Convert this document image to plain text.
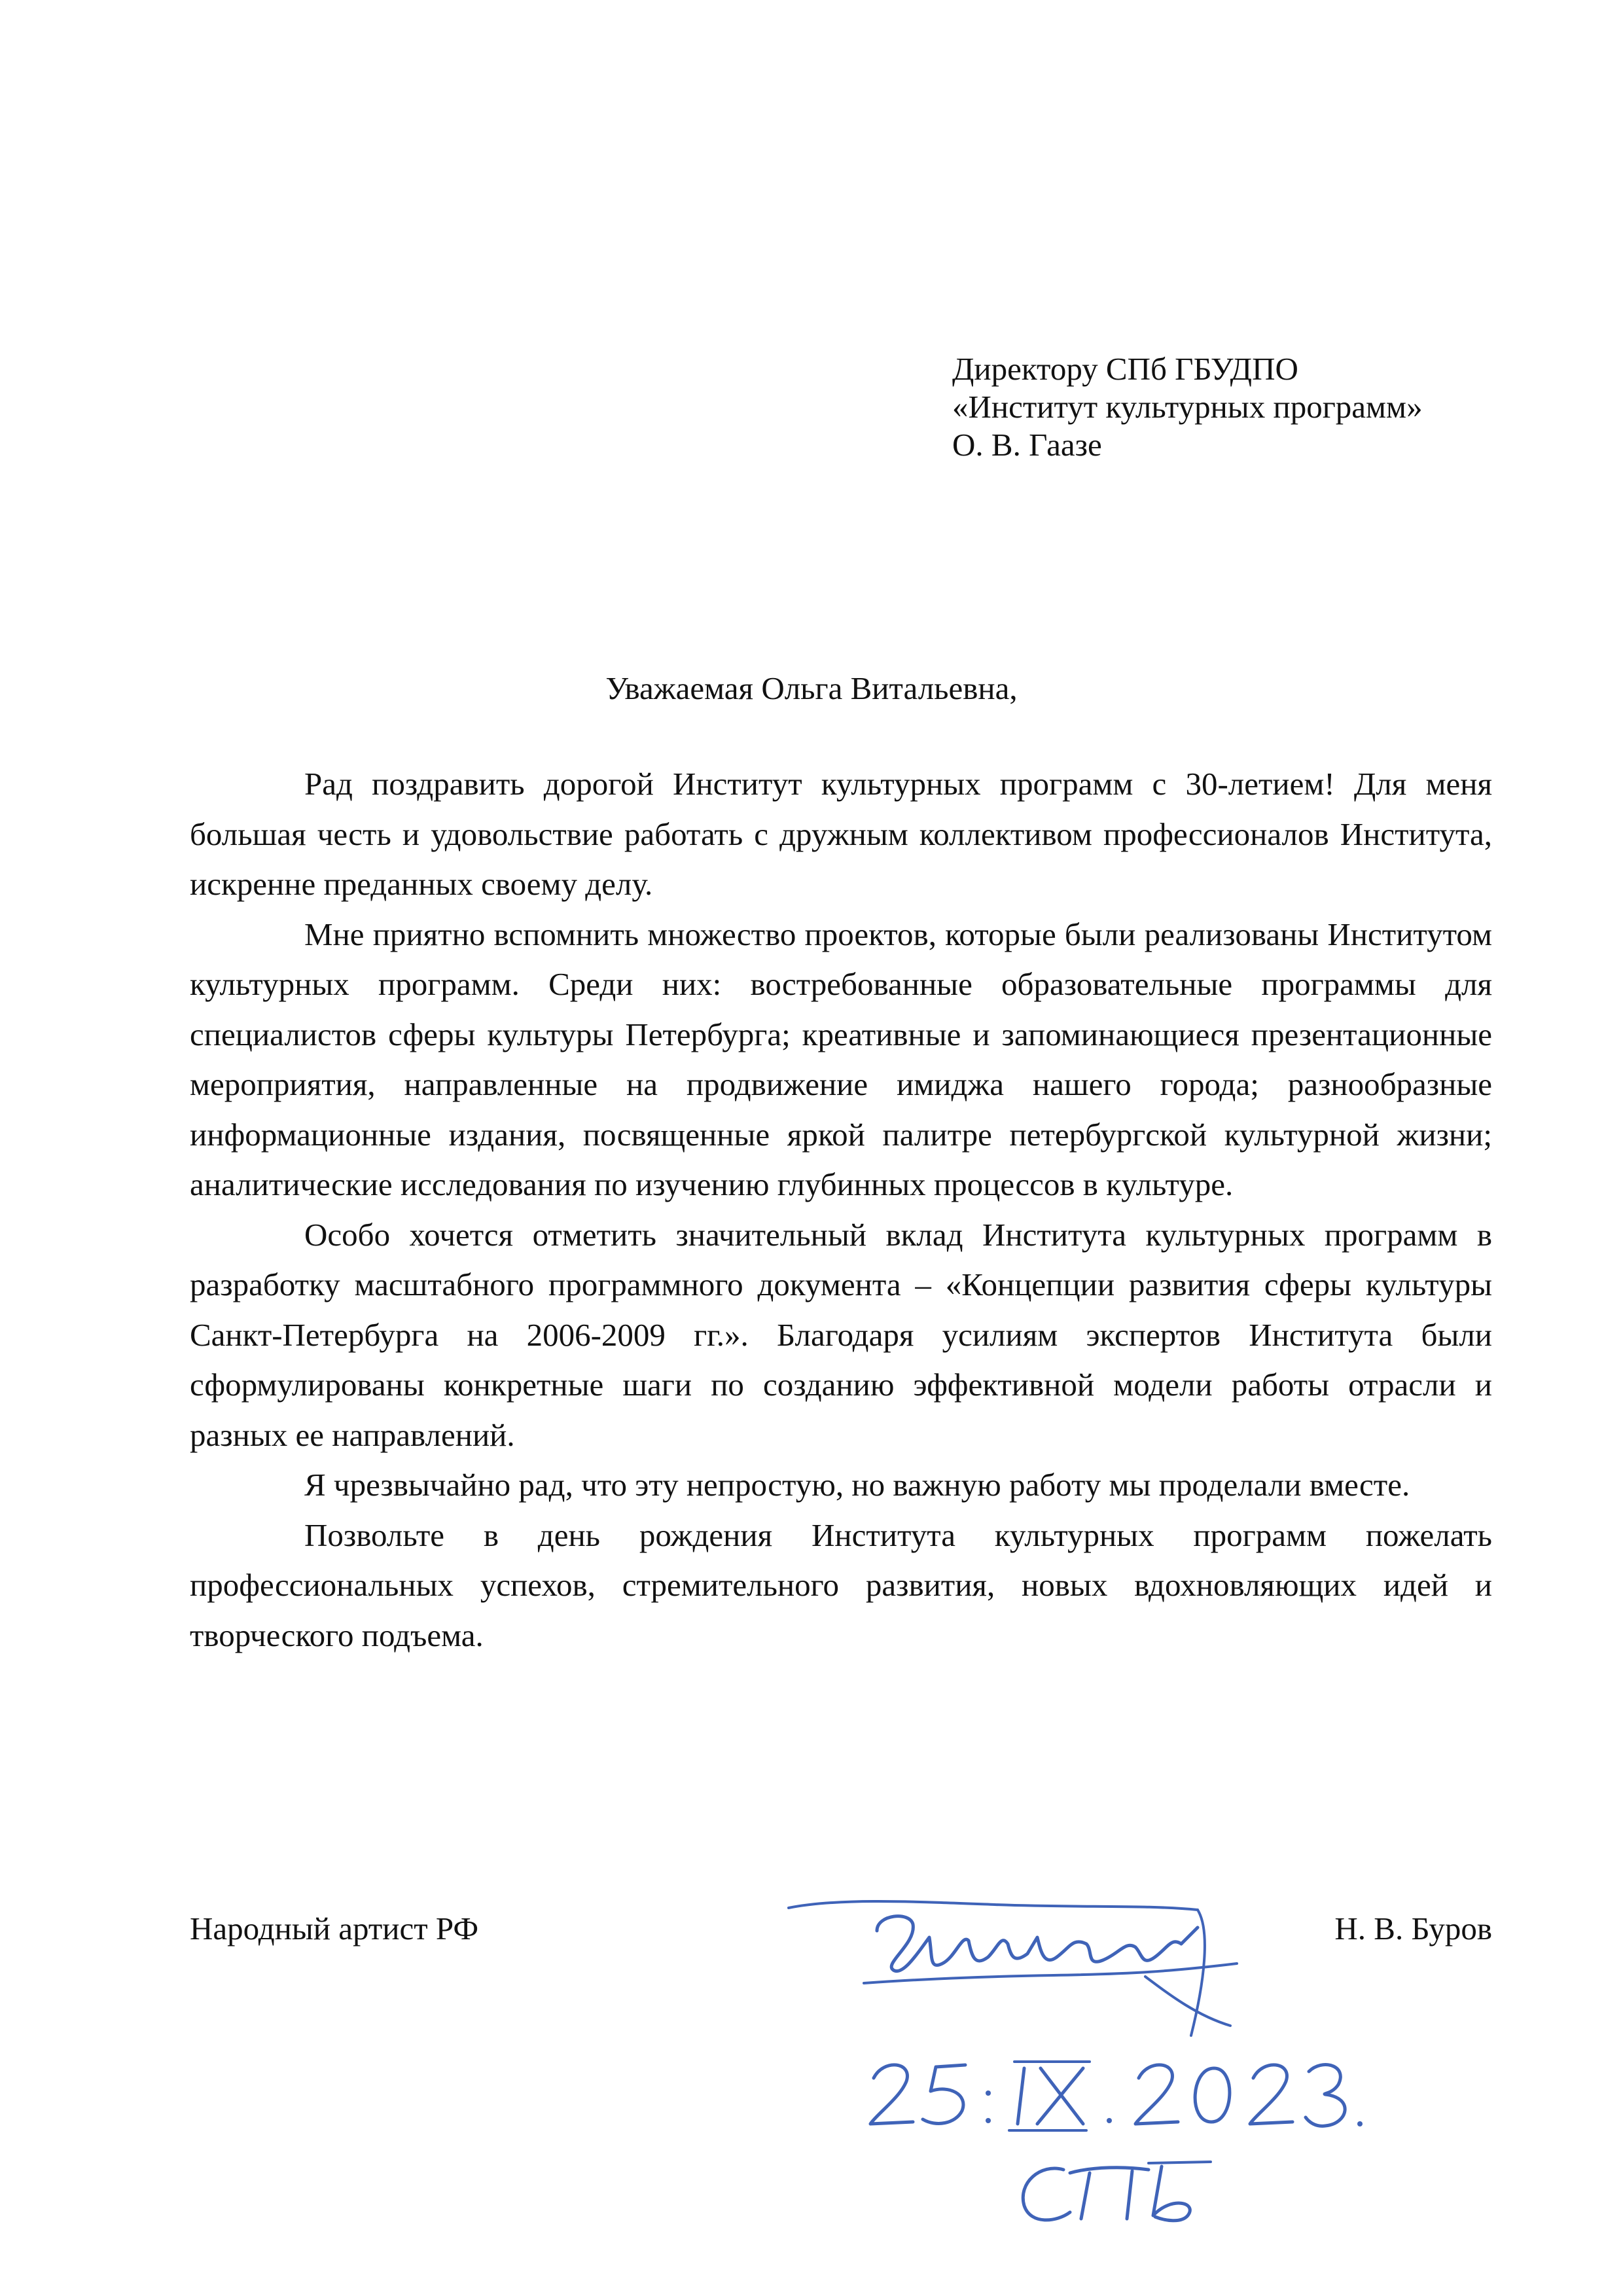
Директору СПб ГБУДПО
«Институт культурных программ»
О. В. Гаазе
Уважаемая Ольга Витальевна,

Рад поздравить дорогой Институт культурных программ с 30-летием! Для меня большая честь и удовольствие работать с дружным коллективом профессионалов Института, искренне преданных своему делу.

Мне приятно вспомнить множество проектов, которые были реализованы Институтом культурных программ. Среди них: востребованные образовательные программы для специалистов сферы культуры Петербурга; креативные и запоминающиеся презентационные мероприятия, направленные на продвижение имиджа нашего города; разнообразные информационные издания, посвященные яркой палитре петербургской культурной жизни; аналитические исследования по изучению глубинных процессов в культуре.

Особо хочется отметить значительный вклад Института культурных программ в разработку масштабного программного документа – «Концепции развития сферы культуры Санкт-Петербурга на 2006-2009 гг.». Благодаря усилиям экспертов Института были сформулированы конкретные шаги по созданию эффективной модели работы отрасли и разных ее направлений.

Я чрезвычайно рад, что эту непростую, но важную работу мы проделали вместе.

Позвольте в день рождения Института культурных программ пожелать профессиональных успехов, стремительного развития, новых вдохновляющих идей и творческого подъема.

Народный артист РФ	Н. В. Буров
